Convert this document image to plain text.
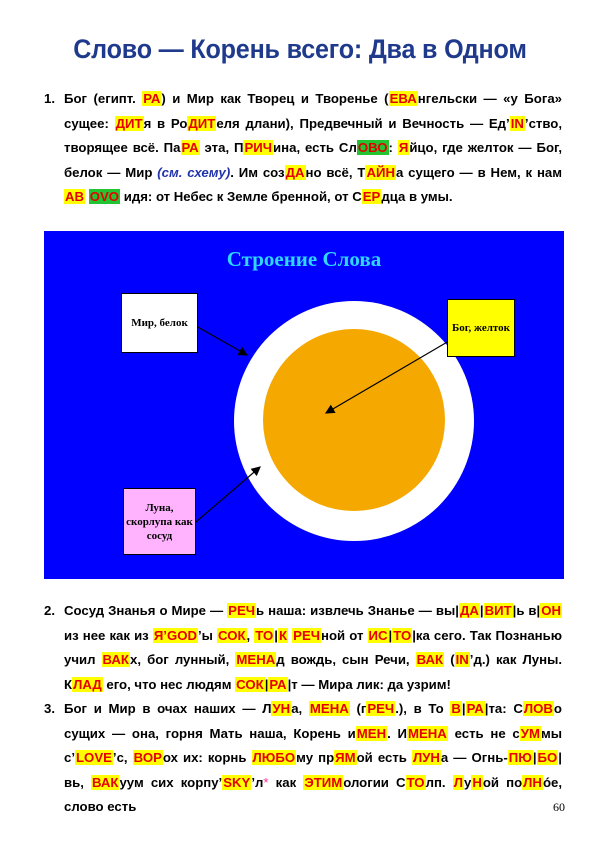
Слово — Корень всего: Два в Одном
1. Бог (египт. РА) и Мир как Творец и Творенье (ЕВАнгельски — «у Бога» сущее: ДИТя в РоДИТеля длани), Предвечный и Вечность — Ед’IN’ство, творящее всё. ПаРА эта, ПРИЧина, есть СлОВО: Яйцо, где желток — Бог, белок — Мир (см. схему). Им созДАно всё, ТАЙНа сущего — в Нем, к нам AB OVO идя: от Небес к Земле бренной, от СЕРдца в умы.
Строение Слова
Мир, белок	Бог, желток
Луна, скорлупа как сосуд
2. Сосуд Знанья о Мире — РЕЧь наша: извлечь Знанье — вы|ДА|ВИТ|ь в|ОН из нее как из Я’GOD’ы СОК, ТО|К РЕЧной от ИС|ТО|ка сего. Так Познанью учил ВАКх, бог лунный, МЕНАд вождь, сын Речи, ВАК (IN’д.) как Луны. КЛАД его, что нес людям СОК|РА|т — Мира лик: да узрим!
3. Бог и Мир в очах наших — ЛУНа, МЕНА (гРЕЧ.), в То В|РА|та: СЛОВо сущих — она, горня Мать наша, Корень иМЕН. ИМЕНА есть не сУМмы с’LOVE’с, ВОРох их: корнь ЛЮБОму прЯМой есть ЛУНа — Огнь-ПЮ|БО|вь, ВАКуум сих корпу’SKY’л* как ЭТИМологии СТОлп. ЛуНой поЛНóе, слово есть	60
